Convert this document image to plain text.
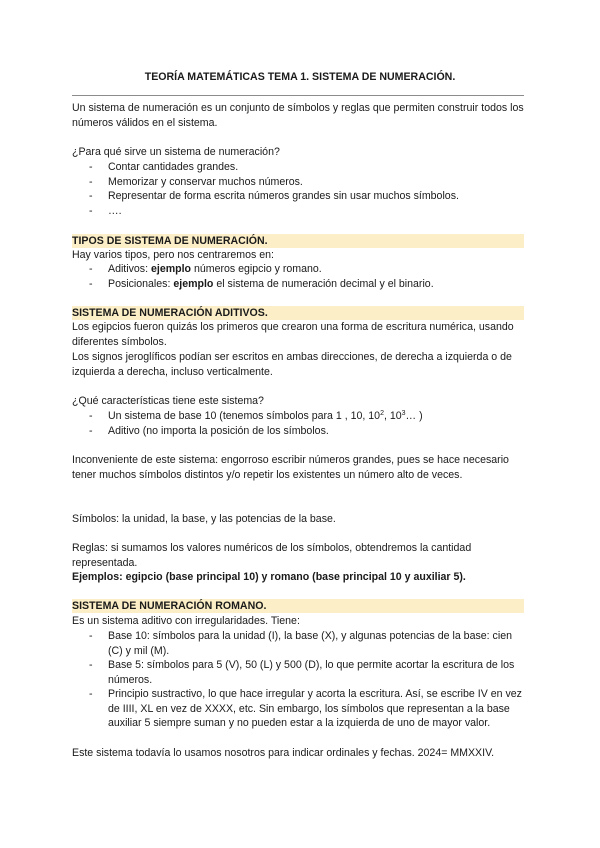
TEORÍA MATEMÁTICAS TEMA 1. SISTEMA DE NUMERACIÓN.

Un sistema de numeración es un conjunto de símbolos y reglas que permiten construir todos los números válidos en el sistema.

¿Para qué sirve un sistema de numeración?

- Contar cantidades grandes.
- Memorizar y conservar muchos números.
- Representar de forma escrita números grandes sin usar muchos símbolos.
- ….
TIPOS DE SISTEMA DE NUMERACIÓN.

Hay varios tipos, pero nos centraremos en:

- Aditivos: ejemplo números egipcio y romano.
- Posicionales: ejemplo el sistema de numeración decimal y el binario.
SISTEMA DE NUMERACIÓN ADITIVOS.

Los egipcios fueron quizás los primeros que crearon una forma de escritura numérica, usando diferentes símbolos.

Los signos jeroglíficos podían ser escritos en ambas direcciones, de derecha a izquierda o de izquierda a derecha, incluso verticalmente.

¿Qué características tiene este sistema?

- Un sistema de base 10 (tenemos símbolos para 1 , 10, $10^2$, $10^3\dots$ )
- Aditivo (no importa la posición de los símbolos.

Inconveniente de este sistema: engorroso escribir números grandes, pues se hace necesario tener muchos símbolos distintos y/o repetir los existentes un número alto de veces.

Símbolos: la unidad, la base, y las potencias de la base.

Reglas: si sumamos los valores numéricos de los símbolos, obtendremos la cantidad representada.

Ejemplos: egipcio (base principal 10) y romano (base principal 10 y auxiliar 5).

SISTEMA DE NUMERACIÓN ROMANO.

Es un sistema aditivo con irregularidades. Tiene:

- Base 10: símbolos para la unidad (I), la base (X), y algunas potencias de la base: cien (C) y mil (M).
- Base 5: símbolos para 5 (V), 50 (L) y 500 (D), lo que permite acortar la escritura de los números.
- Principio sustractivo, lo que hace irregular y acorta la escritura. Así, se escribe IV en vez de IIII, XL en vez de XXXX, etc. Sin embargo, los símbolos que representan a la base auxiliar 5 siempre suman y no pueden estar a la izquierda de uno de mayor valor.

Este sistema todavía lo usamos nosotros para indicar ordinales y fechas. 2024= MMXXIV.
